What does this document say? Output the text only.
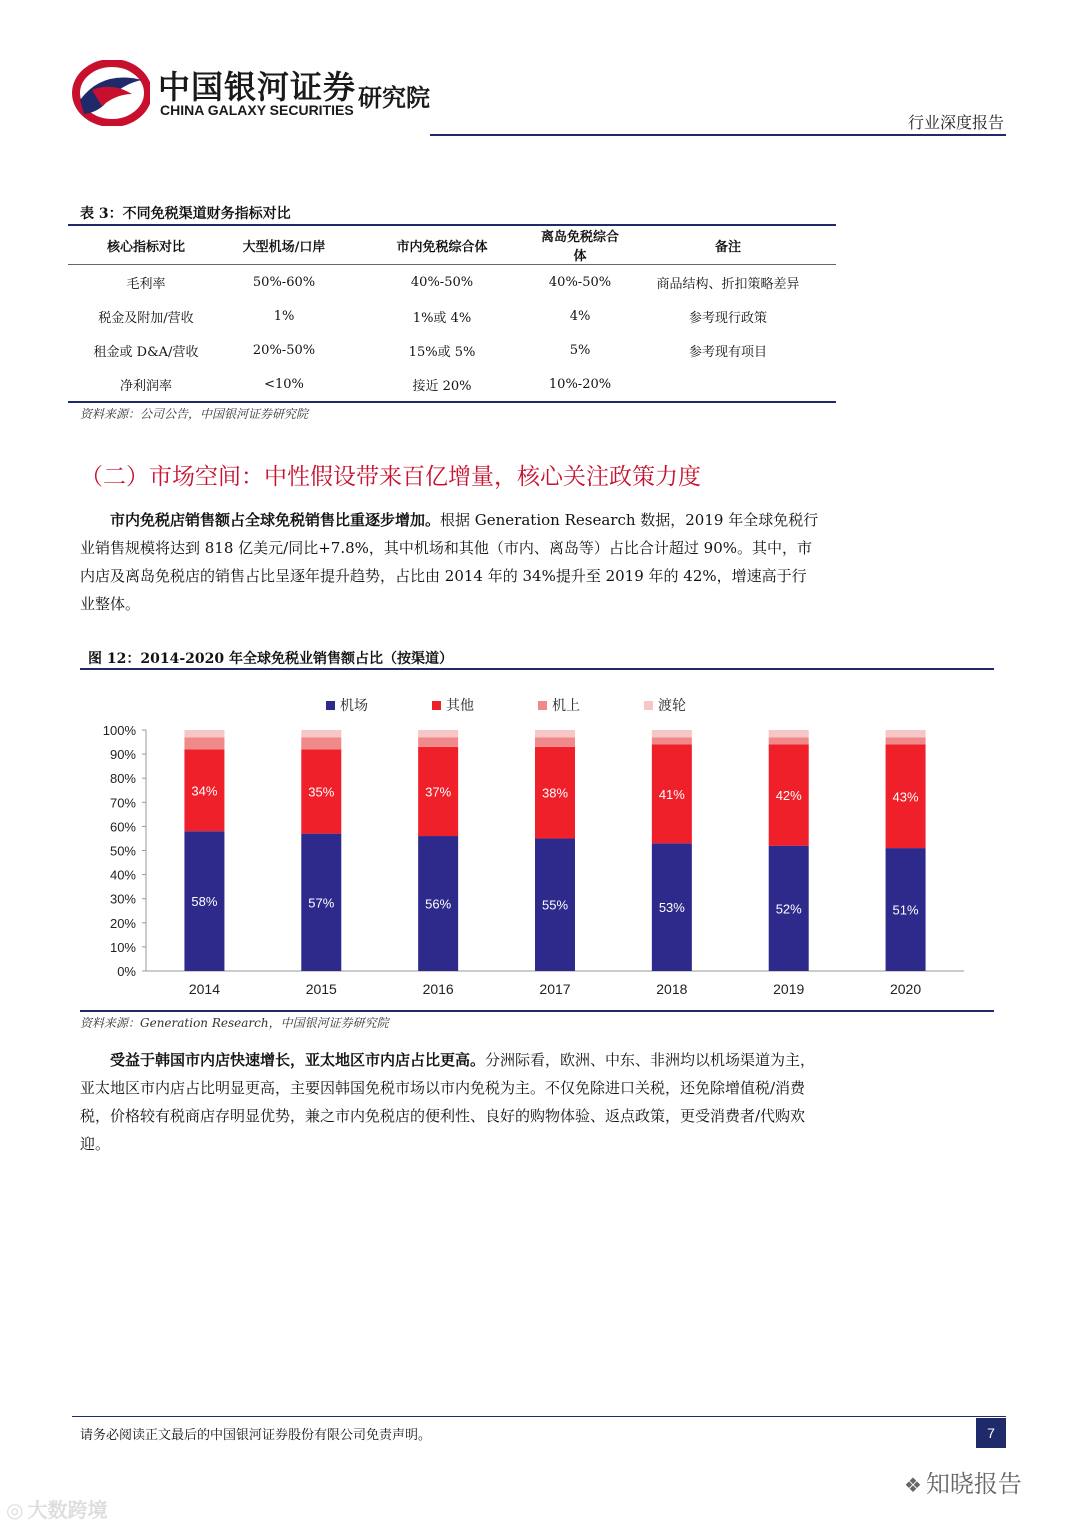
中国银河证券
CHINA GALAXY SECURITIES 研究院
行业深度报告
表 3：不同免税渠道财务指标对比
核心指标对比	大型机场/口岸	市内免税综合体	离岛免税综合体	备注
毛利率	50%-60%	40%-50%	40%-50%	商品结构、折扣策略差异
税金及附加/营收	1%	1%或 4%	4%	参考现行政策
租金或 D&A/营收	20%-50%	15%或 5%	5%	参考现有项目
净利润率	<10%	接近 20%	10%-20%	
资料来源：公司公告，中国银河证券研究院
（二）市场空间：中性假设带来百亿增量，核心关注政策力度
市内免税店销售额占全球免税销售比重逐步增加。根据 Generation Research 数据，2019 年全球免税行业销售规模将达到 818 亿美元/同比+7.8%，其中机场和其他（市内、离岛等）占比合计超过 90%。其中，市内店及离岛免税店的销售占比呈逐年提升趋势，占比由 2014 年的 34%提升至 2019 年的 42%，增速高于行业整体。
图 12：2014-2020 年全球免税业销售额占比（按渠道）
0%
10%
20%
30%
40%
50%
60%
70%
80%
90%
100%
58%
34%
2014
57%
35%
2015
56%
37%
2016
55%
38%
2017
53%
41%
2018
52%
42%
2019
51%
43%
2020
机场	其他	机上	渡轮
资料来源：Generation Research，中国银河证券研究院
受益于韩国市内店快速增长，亚太地区市内店占比更高。分洲际看，欧洲、中东、非洲均以机场渠道为主，亚太地区市内店占比明显更高，主要因韩国免税市场以市内免税为主。不仅免除进口关税，还免除增值税/消费税，价格较有税商店存明显优势，兼之市内免税店的便利性、良好的购物体验、返点政策，更受消费者/代购欢迎。
请务必阅读正文最后的中国银河证券股份有限公司免责声明。	7
❖ 知晓报告
◎ 大数跨境
